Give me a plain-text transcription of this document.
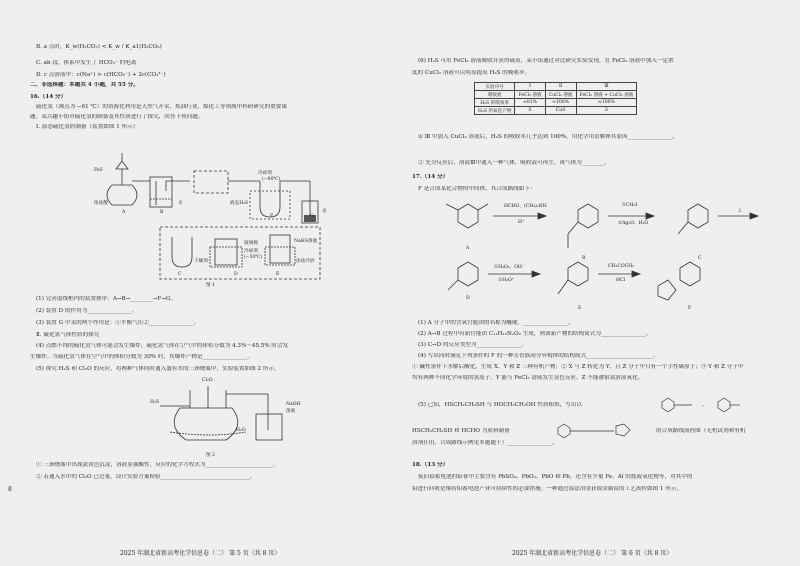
B. a 点时，K_w(H₂CO₃) < K_w / K_a1(H₂CO₃)
C. ab 段，体系中发生了 HCO₃⁻ 的电离
D. c 点溶液中：c(Na⁺) > c(HCO₃⁻) + 2c(CO₃²⁻)
二、非选择题：本题共 4 小题，共 55 分。
16.（14 分）
硫化氢（沸点为 −61 ℃）的资源化利用是天然气开采、炼油行业、煤化工等领域中科研研究的重要课
题。某兴趣小组对硫化氢的制备及其性质进行了探究，回答下列问题。
Ⅰ. 液态硫化氢的制备（装置如图 1 所示）
FeS
浓盐酸
A	B
水
冷却剂
(−80℃)
液态H₂S
F	G
汞
C
干燥剂
D
玻璃棉
冷却剂
(−50℃)
NaHS溶液
冰盐冷浴
E
图 1
(1) 完善虚线框内的装置排序：A→B→________→F→G。
(2) 装置 D 的作用为________________。
(3) 装置 G 中汞的两个作用是：①平衡气压②________________。
Ⅱ. 硫化氢气体性质的探究
(4) 点燃不纯的硫化氢气体可能会发生爆炸，硫化氢气体在空气中的体积分数为 4.3%～45.5% 时会发
生爆炸。当硫化氢气体在空气中的体积分数为 30% 时，其爆炸产物是________________。
(5) 探究 H₂S 和 Cl₂O 的反应，将两种气体同时通入盛有水的三颈烧瓶中，实验装置如图 2 所示。
H₂S
Cl₂O
H₂O
NaOH
溶液
图 2
① 三颈烧瓶中出现淡黄色沉淀，溶液显强酸性，反应的化学方程式为________________________。
② 若通入水中的 Cl₂O 已过量，设计实验方案检验________________________________。
8
2025 年湖北省新高考化学信息卷（二） 第 5 页（共 8 页）
(6) H₂S 可用 FeCl₃ 溶液吸收并获得硫黄，某小组通过对比研究实验发现，在 FeCl₃ 溶液中加入一定浓
度的 CuCl₂ 溶液可以明显提高 H₂S 的吸收率。
实验序号	Ⅰ	Ⅱ	Ⅲ
吸收液	FeCl₃ 溶液	CuCl₂ 溶液	FeCl₃ 溶液 + CuCl₂ 溶液
H₂S 的吸收率	≈81%	≈100%	≈100%
H₂S 的氧化产物	S	CuS	S
① Ⅲ 中加入 CuCl₂ 溶液后，H₂S 的吸收率几乎达到 100%，用化学用语解释其原因________________。
② 充分反应后，溶液Ⅲ中通入一种气体，吸收液可再生，该气体为________。
17.（14 分）
F 是合成某化合物的中间体，其合成路线如下：
HCHO、(CH₃)₂NH
H⁺
①CH₃I
②Ag₂O、H₂O
△
①H₂O₂、OH⁻
②H₃O⁺
CH₃COCH₃
HCl
A
B	C
D
E	F
(1) A 分子中的含氧官能团的名称为醚键、________________。
(2) A→B 过程中有新官能团 C₁₁H₁₅N₁O₂ 生成，则该新产物的结构简式为________________。
(3) C→D 的反应类型为________________。
(4) 写出同时满足下列条件的 F 的一种芳香族同分异构体的结构简式________________________。
① 碱性条件下水解后酸化，生成 X、Y 和 Z 三种有机产物；② X 与 Z 转化为 Y，且 Z 分子中只有一个手性碳原子；③ Y 和 Z 分子中
均有两种不同化学环境的氢原子，Y 能与 FeCl₃ 溶液发生显色反应，Z 不能被银氨溶液氧化。
(5) 已知，HSCH₂CH₂SH 与 HOCH₂CH₂OH 性质相似，写出以	、
HSCH₂CH₂SH 和 HCHO 为原料制备	的合成路线流程图（无机试剂和有机
溶剂任用，合成路线示例见本题题干）________________。
18.（13 分）
废旧铅蓄电池的铅膏中主要含有 PbSO₄、PbO₂、PbO 和 Pb，还含有少量 Fe、Al 的盐或氧化物等，对其中的
铅进行回收是维持铅蓄电池产业可持续性的必要措施。一种通过湿法冶金获取金属铅的工艺流程如图 1 所示。
2025 年湖北省新高考化学信息卷（二） 第 6 页（共 8 页）
